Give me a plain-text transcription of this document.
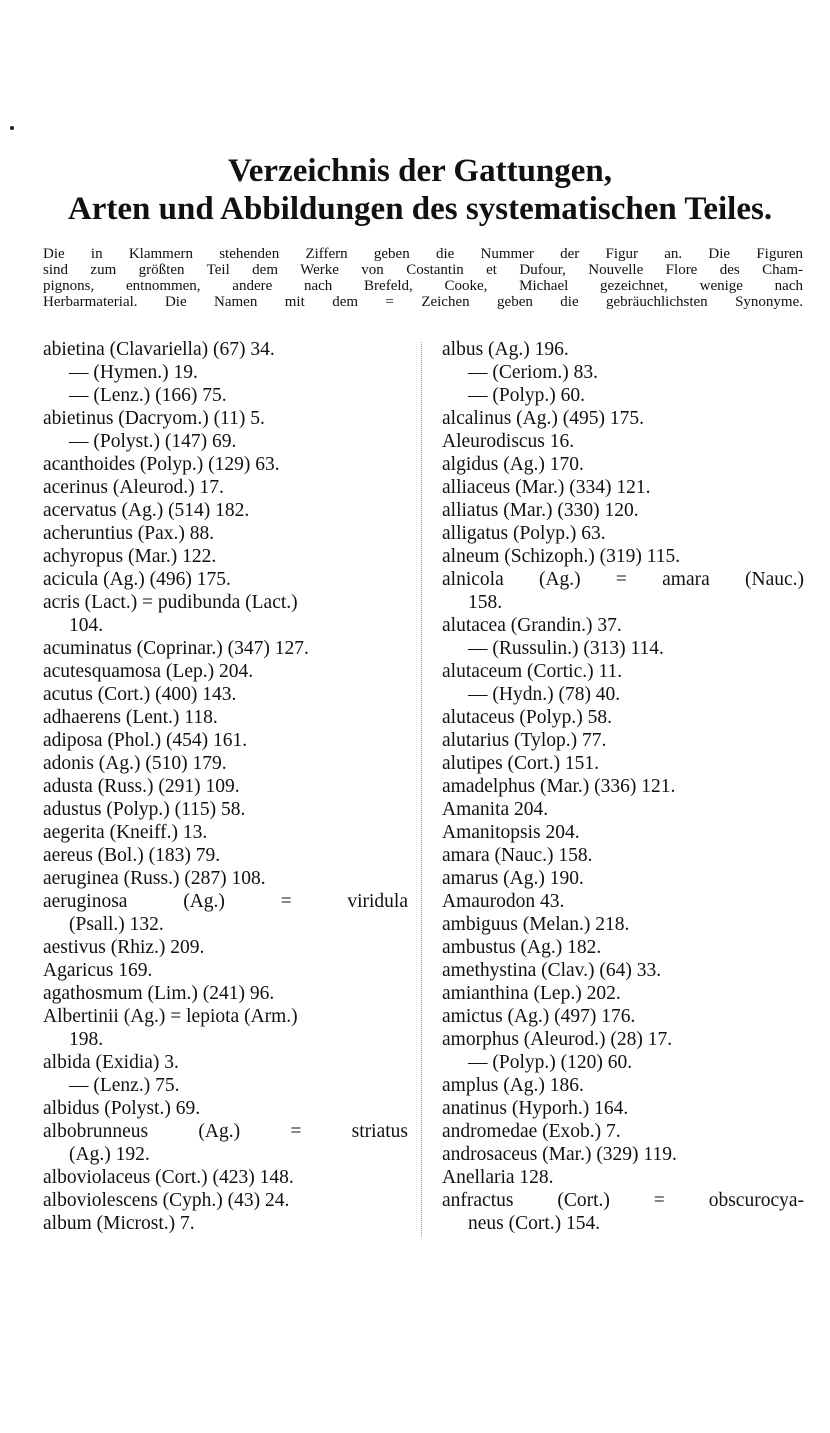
Verzeichnis der Gattungen,
Arten und Abbildungen des systematischen Teiles.

Die in Klammern stehenden Ziffern geben die Nummer der Figur an. Die Figuren
sind zum größten Teil dem Werke von Costantin et Dufour, Nouvelle Flore des Cham-
pignons, entnommen, andere nach Brefeld, Cooke, Michael gezeichnet, wenige nach
Herbarmaterial. Die Namen mit dem = Zeichen geben die gebräuchlichsten Synonyme.

abietina (Clavariella) (67) 34.
— (Hymen.) 19.
— (Lenz.) (166) 75.
abietinus (Dacryom.) (11) 5.
— (Polyst.) (147) 69.
acanthoides (Polyp.) (129) 63.
acerinus (Aleurod.) 17.
acervatus (Ag.) (514) 182.
acheruntius (Pax.) 88.
achyropus (Mar.) 122.
acicula (Ag.) (496) 175.
acris (Lact.) = pudibunda (Lact.)
104.
acuminatus (Coprinar.) (347) 127.
acutesquamosa (Lep.) 204.
acutus (Cort.) (400) 143.
adhaerens (Lent.) 118.
adiposa (Phol.) (454) 161.
adonis (Ag.) (510) 179.
adusta (Russ.) (291) 109.
adustus (Polyp.) (115) 58.
aegerita (Kneiff.) 13.
aereus (Bol.) (183) 79.
aeruginea (Russ.) (287) 108.
aeruginosa (Ag.) = viridula
(Psall.) 132.
aestivus (Rhiz.) 209.
Agaricus 169.
agathosmum (Lim.) (241) 96.
Albertinii (Ag.) = lepiota (Arm.)
198.
albida (Exidia) 3.
— (Lenz.) 75.
albidus (Polyst.) 69.
albobrunneus (Ag.) = striatus
(Ag.) 192.
alboviolaceus (Cort.) (423) 148.
alboviolescens (Cyph.) (43) 24.
album (Microst.) 7.
albus (Ag.) 196.
— (Ceriom.) 83.
— (Polyp.) 60.
alcalinus (Ag.) (495) 175.
Aleurodiscus 16.
algidus (Ag.) 170.
alliaceus (Mar.) (334) 121.
alliatus (Mar.) (330) 120.
alligatus (Polyp.) 63.
alneum (Schizoph.) (319) 115.
alnicola (Ag.) = amara (Nauc.)
158.
alutacea (Grandin.) 37.
— (Russulin.) (313) 114.
alutaceum (Cortic.) 11.
— (Hydn.) (78) 40.
alutaceus (Polyp.) 58.
alutarius (Tylop.) 77.
alutipes (Cort.) 151.
amadelphus (Mar.) (336) 121.
Amanita 204.
Amanitopsis 204.
amara (Nauc.) 158.
amarus (Ag.) 190.
Amaurodon 43.
ambiguus (Melan.) 218.
ambustus (Ag.) 182.
amethystina (Clav.) (64) 33.
amianthina (Lep.) 202.
amictus (Ag.) (497) 176.
amorphus (Aleurod.) (28) 17.
— (Polyp.) (120) 60.
amplus (Ag.) 186.
anatinus (Hyporh.) 164.
andromedae (Exob.) 7.
androsaceus (Mar.) (329) 119.
Anellaria 128.
anfractus (Cort.) = obscurocya-
neus (Cort.) 154.
